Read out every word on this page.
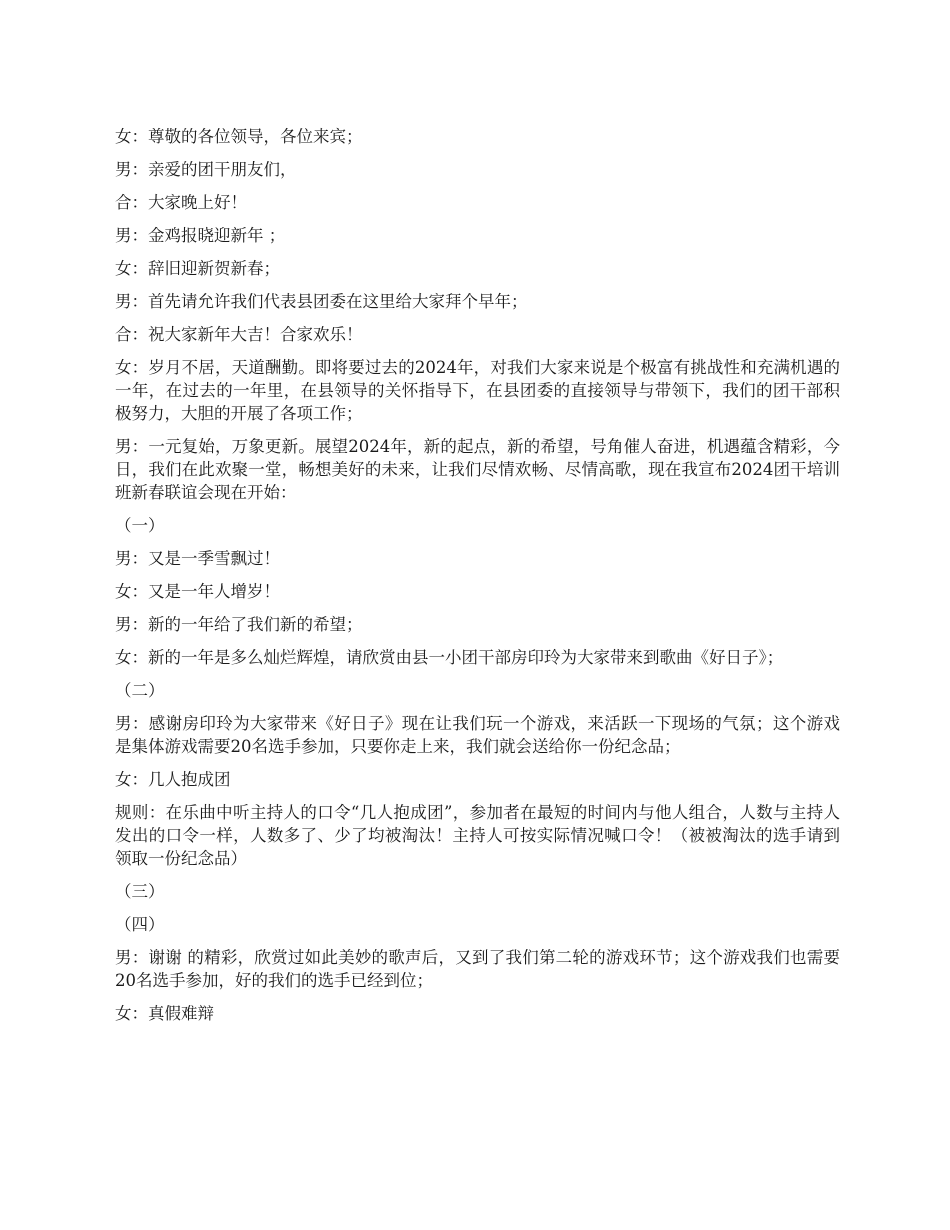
女：尊敬的各位领导，各位来宾；

男：亲爱的团干朋友们，

合：大家晚上好！

男：金鸡报晓迎新年 ；

女：辞旧迎新贺新春；

男：首先请允许我们代表县团委在这里给大家拜个早年；

合：祝大家新年大吉！合家欢乐！

女：岁月不居，天道酬勤。即将要过去的2024年，对我们大家来说是个极富有挑战性和充满机遇的一年，在过去的一年里，在县领导的关怀指导下，在县团委的直接领导与带领下，我们的团干部积极努力，大胆的开展了各项工作；

男：一元复始，万象更新。展望2024年，新的起点，新的希望，号角催人奋进，机遇蕴含精彩，今日，我们在此欢聚一堂，畅想美好的未来，让我们尽情欢畅、尽情高歌，现在我宣布2024团干培训班新春联谊会现在开始：

（一）

男：又是一季雪飘过！

女：又是一年人增岁！

男：新的一年给了我们新的希望；

女：新的一年是多么灿烂辉煌，请欣赏由县一小团干部房印玲为大家带来到歌曲《好日子》；

（二）

男：感谢房印玲为大家带来《好日子》现在让我们玩一个游戏，来活跃一下现场的气氛；这个游戏是集体游戏需要20名选手参加，只要你走上来，我们就会送给你一份纪念品；

女：几人抱成团

规则：在乐曲中听主持人的口令“几人抱成团”，参加者在最短的时间内与他人组合，人数与主持人发出的口令一样，人数多了、少了均被淘汰！主持人可按实际情况喊口令！（被被淘汰的选手请到 领取一份纪念品）

（三）

（四）

男：谢谢 的精彩，欣赏过如此美妙的歌声后，又到了我们第二轮的游戏环节；这个游戏我们也需要20名选手参加，好的我们的选手已经到位；

女：真假难辩
